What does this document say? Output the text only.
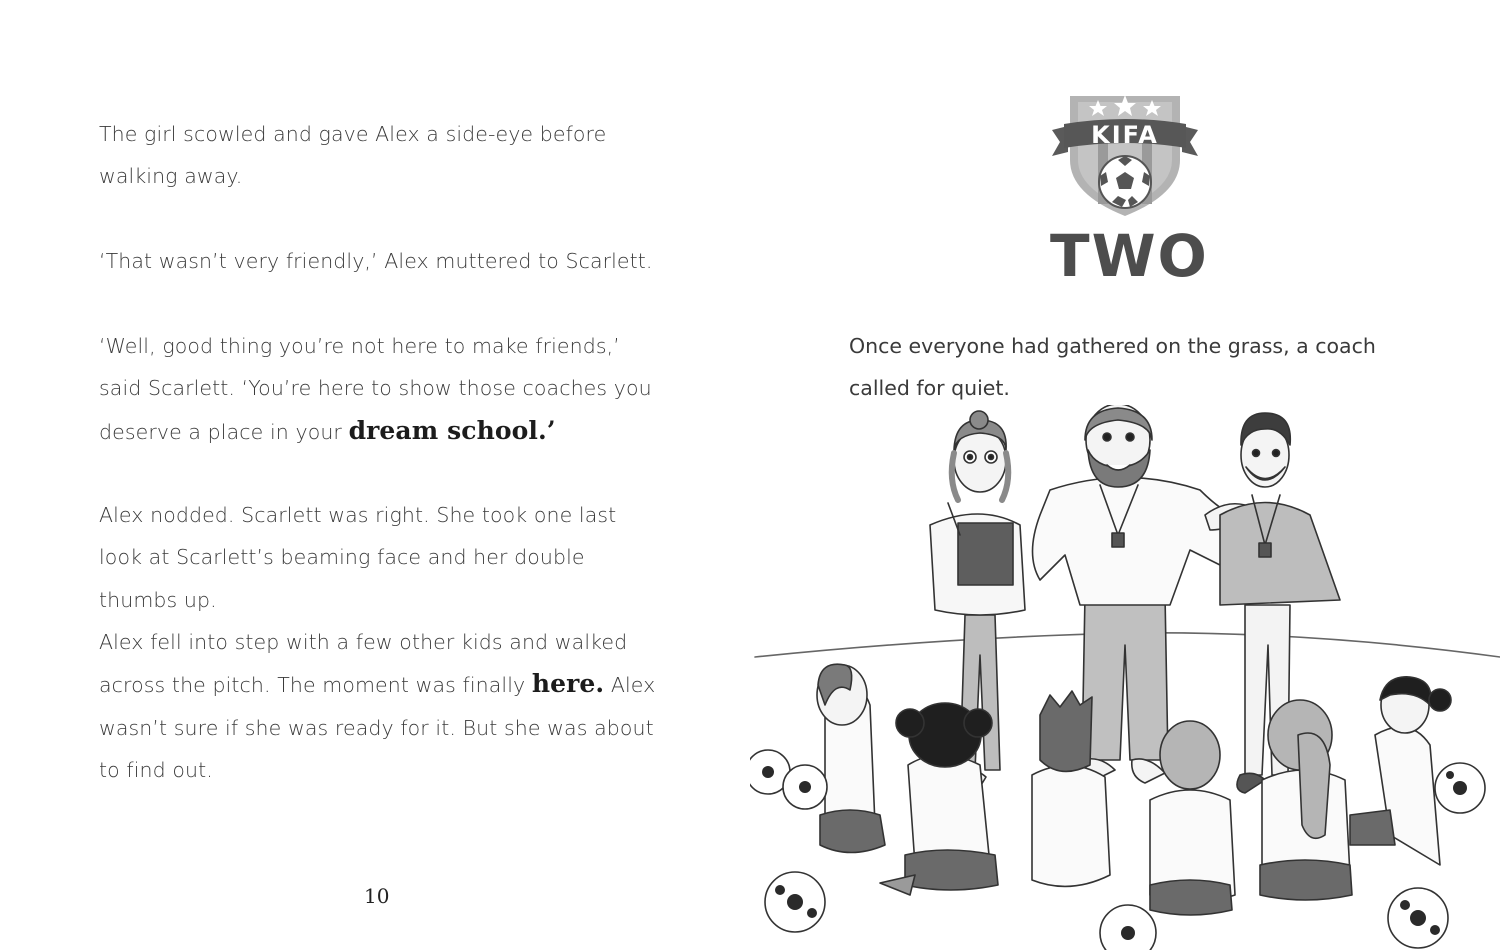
The girl scowled and gave Alex a side-eye before walking away.

‘That wasn’t very friendly,’ Alex muttered to Scarlett.

‘Well, good thing you’re not here to make friends,’ said Scarlett. ‘You’re here to show those coaches you deserve a place in your dream school.’

Alex nodded. Scarlett was right. She took one last look at Scarlett’s beaming face and her double thumbs up.

Alex fell into step with a few other kids and walked across the pitch. The moment was finally here. Alex wasn’t sure if she was ready for it. But she was about to find out.

10
KIFA
TWO

Once everyone had gathered on the grass, a coach called for quiet.
